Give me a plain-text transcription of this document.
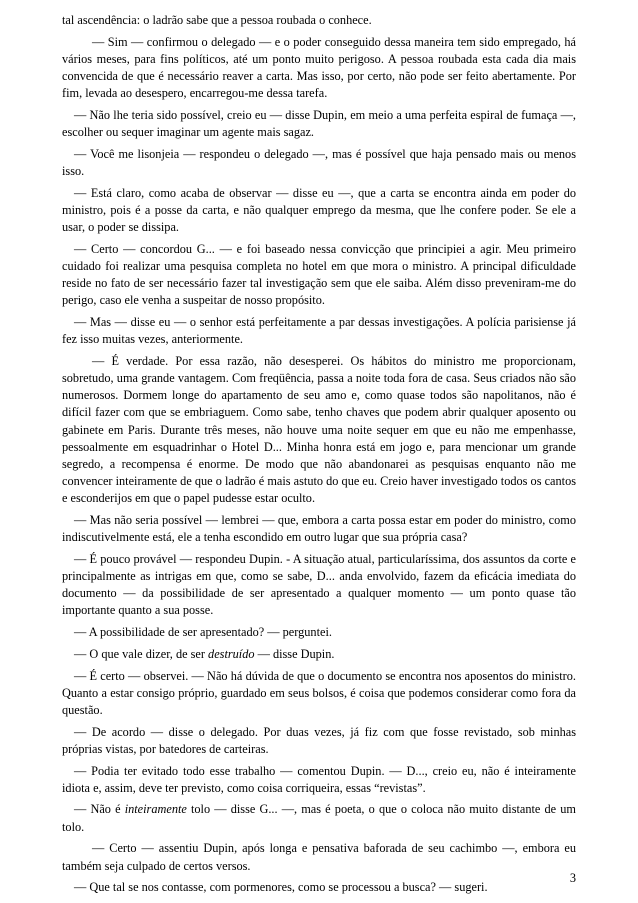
tal ascendência: o ladrão sabe que a pessoa roubada o conhece.

— Sim — confirmou o delegado — e o poder conseguido dessa maneira tem sido empregado, há vários meses, para fins políticos, até um ponto muito perigoso. A pessoa roubada esta cada dia mais convencida de que é necessário reaver a carta. Mas isso, por certo, não pode ser feito abertamente. Por fim, levada ao desespero, encarregou-me dessa tarefa.

— Não lhe teria sido possível, creio eu — disse Dupin, em meio a uma perfeita espiral de fumaça —, escolher ou sequer imaginar um agente mais sagaz.

— Você me lisonjeia — respondeu o delegado —, mas é possível que haja pensado mais ou menos isso.

— Está claro, como acaba de observar — disse eu —, que a carta se encontra ainda em poder do ministro, pois é a posse da carta, e não qualquer emprego da mesma, que lhe confere poder. Se ele a usar, o poder se dissipa.

— Certo — concordou G... — e foi baseado nessa convicção que principiei a agir. Meu primeiro cuidado foi realizar uma pesquisa completa no hotel em que mora o ministro. A principal dificuldade reside no fato de ser necessário fazer tal investigação sem que ele saiba. Além disso preveniram-me do perigo, caso ele venha a suspeitar de nosso propósito.

— Mas — disse eu — o senhor está perfeitamente a par dessas investigações. A polícia parisiense já fez isso muitas vezes, anteriormente.

— É verdade. Por essa razão, não desesperei. Os hábitos do ministro me proporcionam, sobretudo, uma grande vantagem. Com freqüência, passa a noite toda fora de casa. Seus criados não são numerosos. Dormem longe do apartamento de seu amo e, como quase todos são napolitanos, não é difícil fazer com que se embriaguem. Como sabe, tenho chaves que podem abrir qualquer aposento ou gabinete em Paris. Durante três meses, não houve uma noite sequer em que eu não me empenhasse, pessoalmente em esquadrinhar o Hotel D... Minha honra está em jogo e, para mencionar um grande segredo, a recompensa é enorme. De modo que não abandonarei as pesquisas enquanto não me convencer inteiramente de que o ladrão é mais astuto do que eu. Creio haver investigado todos os cantos e esconderijos em que o papel pudesse estar oculto.

— Mas não seria possível — lembrei — que, embora a carta possa estar em poder do ministro, como indiscutivelmente está, ele a tenha escondido em outro lugar que sua própria casa?

— É pouco provável — respondeu Dupin. - A situação atual, particularíssima, dos assuntos da corte e principalmente as intrigas em que, como se sabe, D... anda envolvido, fazem da eficácia imediata do documento — da possibilidade de ser apresentado a qualquer momento — um ponto quase tão importante quanto a sua posse.

— A possibilidade de ser apresentado? — perguntei.

— O que vale dizer, de ser destruído — disse Dupin.

— É certo — observei. — Não há dúvida de que o documento se encontra nos aposentos do ministro. Quanto a estar consigo próprio, guardado em seus bolsos, é coisa que podemos considerar como fora da questão.

— De acordo — disse o delegado. Por duas vezes, já fiz com que fosse revistado, sob minhas próprias vistas, por batedores de carteiras.

— Podia ter evitado todo esse trabalho — comentou Dupin. — D..., creio eu, não é inteiramente idiota e, assim, deve ter previsto, como coisa corriqueira, essas “revistas”.

— Não é inteiramente tolo — disse G... —, mas é poeta, o que o coloca não muito distante de um tolo.

— Certo — assentiu Dupin, após longa e pensativa baforada de seu cachimbo —, embora eu também seja culpado de certos versos.

— Que tal se nos contasse, com pormenores, como se processou a busca? — sugeri.

3
